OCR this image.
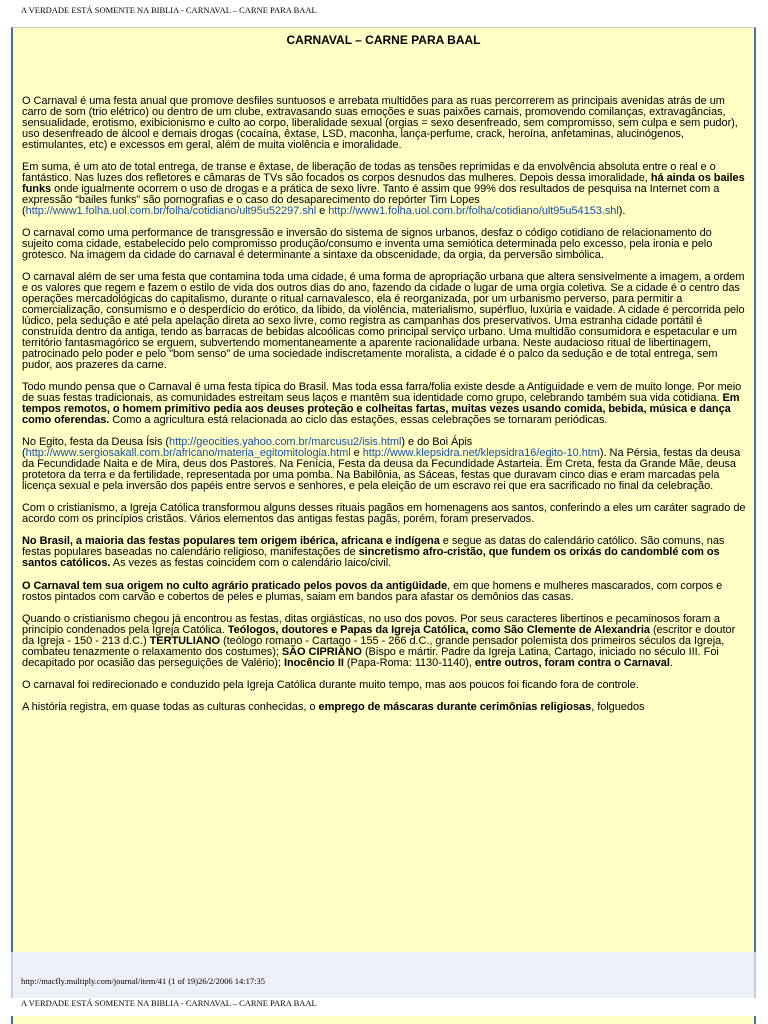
A VERDADE ESTÁ SOMENTE NA BIBLIA - CARNAVAL – CARNE PARA BAAL
CARNAVAL – CARNE PARA BAAL

O Carnaval é uma festa anual que promove desfiles suntuosos e arrebata multidões para as ruas percorrerem as principais avenidas atrás de um carro de som (trio elétrico) ou dentro de um clube, extravasando suas emoções e suas paixões carnais, promovendo comilanças, extravagâncias, sensualidade, erotismo, exibicionismo e culto ao corpo, liberalidade sexual (orgias = sexo desenfreado, sem compromisso, sem culpa e sem pudor), uso desenfreado de álcool e demais drogas (cocaína, êxtase, LSD, maconha, lança-perfume, crack, heroína, anfetaminas, alucinógenos, estimulantes, etc) e excessos em geral, além de muita violência e imoralidade.

Em suma, é um ato de total entrega, de transe e êxtase, de liberação de todas as tensões reprimidas e da envolvência absoluta entre o real e o fantástico. Nas luzes dos refletores e câmaras de TVs são focados os corpos desnudos das mulheres. Depois dessa imoralidade, há ainda os bailes funks onde igualmente ocorrem o uso de drogas e a prática de sexo livre. Tanto é assim que 99% dos resultados de pesquisa na Internet com a expressão “bailes funks” são pornografias e o caso do desaparecimento do repórter Tim Lopes (http://www1.folha.uol.com.br/folha/cotidiano/ult95u52297.shl e http://www1.folha.uol.com.br/folha/cotidiano/ult95u54153.shl).

O carnaval como uma performance de transgressão e inversão do sistema de signos urbanos, desfaz o código cotidiano de relacionamento do sujeito coma cidade, estabelecido pelo compromisso produção/consumo e inventa uma semiótica determinada pelo excesso, pela ironia e pelo grotesco. Na imagem da cidade do carnaval é determinante a sintaxe da obscenidade, da orgia, da perversão simbólica.

O carnaval além de ser uma festa que contamina toda uma cidade, é uma forma de apropriação urbana que altera sensivelmente a imagem, a ordem e os valores que regem e fazem o estilo de vida dos outros dias do ano, fazendo da cidade o lugar de uma orgia coletiva. Se a cidade é o centro das operações mercadológicas do capitalismo, durante o ritual carnavalesco, ela é reorganizada, por um urbanismo perverso, para permitir a comercialização, consumismo e o desperdício do erótico, da libido, da violência, materialismo, supérfluo, luxúria e vaidade. A cidade é percorrida pelo lúdico, pela sedução e até pela apelação direta ao sexo livre, como registra as campanhas dos preservativos. Uma estranha cidade portátil é construída dentro da antiga, tendo as barracas de bebidas alcoólicas como principal serviço urbano. Uma multidão consumidora e espetacular e um território fantasmagórico se erguem, subvertendo momentaneamente a aparente racionalidade urbana. Neste audacioso ritual de libertinagem, patrocinado pelo poder e pelo "bom senso" de uma sociedade indiscretamente moralista, a cidade é o palco da sedução e de total entrega, sem pudor, aos prazeres da carne.

Todo mundo pensa que o Carnaval é uma festa típica do Brasil. Mas toda essa farra/folia existe desde a Antiguidade e vem de muito longe. Por meio de suas festas tradicionais, as comunidades estreitam seus laços e mantêm sua identidade como grupo, celebrando também sua vida cotidiana. Em tempos remotos, o homem primitivo pedia aos deuses proteção e colheitas fartas, muitas vezes usando comida, bebida, música e dança como oferendas. Como a agricultura está relacionada ao ciclo das estações, essas celebrações se tornaram periódicas.

No Egito, festa da Deusa Ísis (http://geocities.yahoo.com.br/marcusu2/isis.html) e do Boi Ápis (http://www.sergiosakall.com.br/africano/materia_egitomitologia.html e http://www.klepsidra.net/klepsidra16/egito-10.htm). Na Pérsia, festas da deusa da Fecundidade Naita e de Mira, deus dos Pastores. Na Fenícia, Festa da deusa da Fecundidade Astarteia. Em Creta, festa da Grande Mãe, deusa protetora da terra e da fertilidade, representada por uma pomba. Na Babilônia, as Sáceas, festas que duravam cinco dias e eram marcadas pela licença sexual e pela inversão dos papéis entre servos e senhores, e pela eleição de um escravo rei que era sacrificado no final da celebração.

Com o cristianismo, a Igreja Católica transformou alguns desses rituais pagãos em homenagens aos santos, conferindo a eles um caráter sagrado de acordo com os princípios cristãos. Vários elementos das antigas festas pagãs, porém, foram preservados.

No Brasil, a maioria das festas populares tem origem ibérica, africana e indígena e segue as datas do calendário católico. São comuns, nas festas populares baseadas no calendário religioso, manifestações de sincretismo afro-cristão, que fundem os orixás do candomblé com os santos católicos. As vezes as festas coincidem com o calendário laico/civil.

O Carnaval tem sua origem no culto agrário praticado pelos povos da antigüidade, em que homens e mulheres mascarados, com corpos e rostos pintados com carvão e cobertos de peles e plumas, saiam em bandos para afastar os demônios das casas.

Quando o cristianismo chegou já encontrou as festas, ditas orgiásticas, no uso dos povos. Por seus caracteres libertinos e pecaminosos foram a princípio condenados pela Igreja Católica. Teólogos, doutores e Papas da Igreja Católica, como São Clemente de Alexandria (escritor e doutor da Igreja - 150 - 213 d.C.) TERTULIANO (teólogo romano - Cartago - 155 - 266 d.C., grande pensador polemista dos primeiros séculos da Igreja, combateu tenazmente o relaxamento dos costumes); SÃO CIPRIANO (Bispo e mártir. Padre da Igreja Latina, Cartago, iniciado no século III. Foi decapitado por ocasião das perseguições de Valério); Inocêncio II (Papa-Roma: 1130-1140), entre outros, foram contra o Carnaval.

O carnaval foi redirecionado e conduzido pela Igreja Católica durante muito tempo, mas aos poucos foi ficando fora de controle.

A história registra, em quase todas as culturas conhecidas, o emprego de máscaras durante cerimônias religiosas, folguedos

http://macfly.multiply.com/journal/item/41 (1 of 19)26/2/2006 14:17:35
A VERDADE ESTÁ SOMENTE NA BIBLIA - CARNAVAL – CARNE PARA BAAL
